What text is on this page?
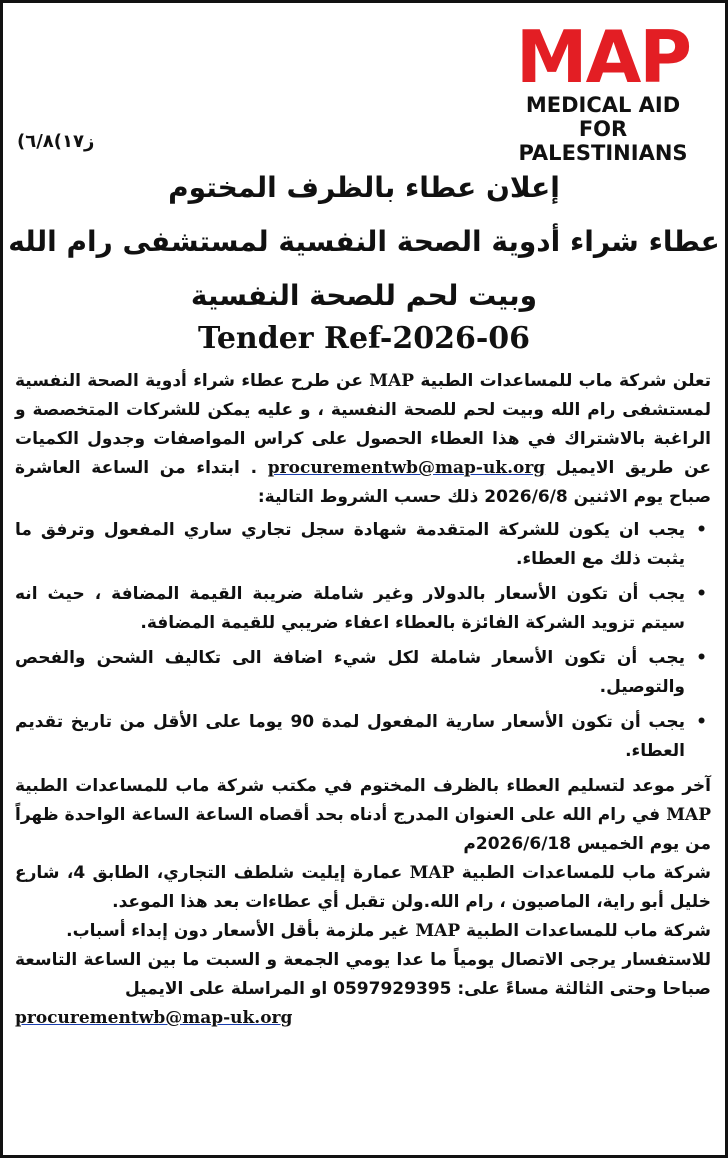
MAP
MEDICAL AID FOR
PALESTINIANS
ز١٧)٦/٨)
إعلان عطاء بالظرف المختوم
عطاء شراء أدوية الصحة النفسية لمستشفى رام الله
وبيت لحم للصحة النفسية
Tender Ref-2026-06

تعلن شركة ماب للمساعدات الطبية MAP عن طرح عطاء شراء أدوية الصحة النفسية لمستشفى رام الله وبيت لحم للصحة النفسية ، و عليه يمكن للشركات المتخصصة و الراغبة بالاشتراك في هذا العطاء الحصول على كراس المواصفات وجدول الكميات عن طريق الايميل procurementwb@map-uk.org . ابتداء من الساعة العاشرة صباح يوم الاثنين 2026/6/8 ذلك حسب الشروط التالية:

•
يجب ان يكون للشركة المتقدمة شهادة سجل تجاري ساري المفعول وترفق ما يثبت ذلك مع العطاء.
•
يجب أن تكون الأسعار بالدولار وغير شاملة ضريبة القيمة المضافة ، حيث انه سيتم تزويد الشركة الفائزة بالعطاء اعفاء ضريبي للقيمة المضافة.
•
يجب أن تكون الأسعار شاملة لكل شيء اضافة الى تكاليف الشحن والفحص والتوصيل.
•
يجب أن تكون الأسعار سارية المفعول لمدة 90 يوما على الأقل من تاريخ تقديم العطاء.

آخر موعد لتسليم العطاء بالظرف المختوم في مكتب شركة ماب للمساعدات الطبية MAP في رام الله على العنوان المدرج أدناه بحد أقصاه الساعة الساعة الواحدة ظهراً من يوم الخميس 2026/6/18م

شركة ماب للمساعدات الطبية MAP عمارة إيليت شلطف التجاري، الطابق 4، شارع خليل أبو راية، الماصيون ، رام الله.ولن تقبل أي عطاءات بعد هذا الموعد.

شركة ماب للمساعدات الطبية MAP غير ملزمة بأقل الأسعار دون إبداء أسباب.

للاستفسار يرجى الاتصال يومياً ما عدا يومي الجمعة و السبت ما بين الساعة التاسعة صباحا وحتى الثالثة مساءً على: 0597929395 او المراسلة على الايميل

procurementwb@map-uk.org
